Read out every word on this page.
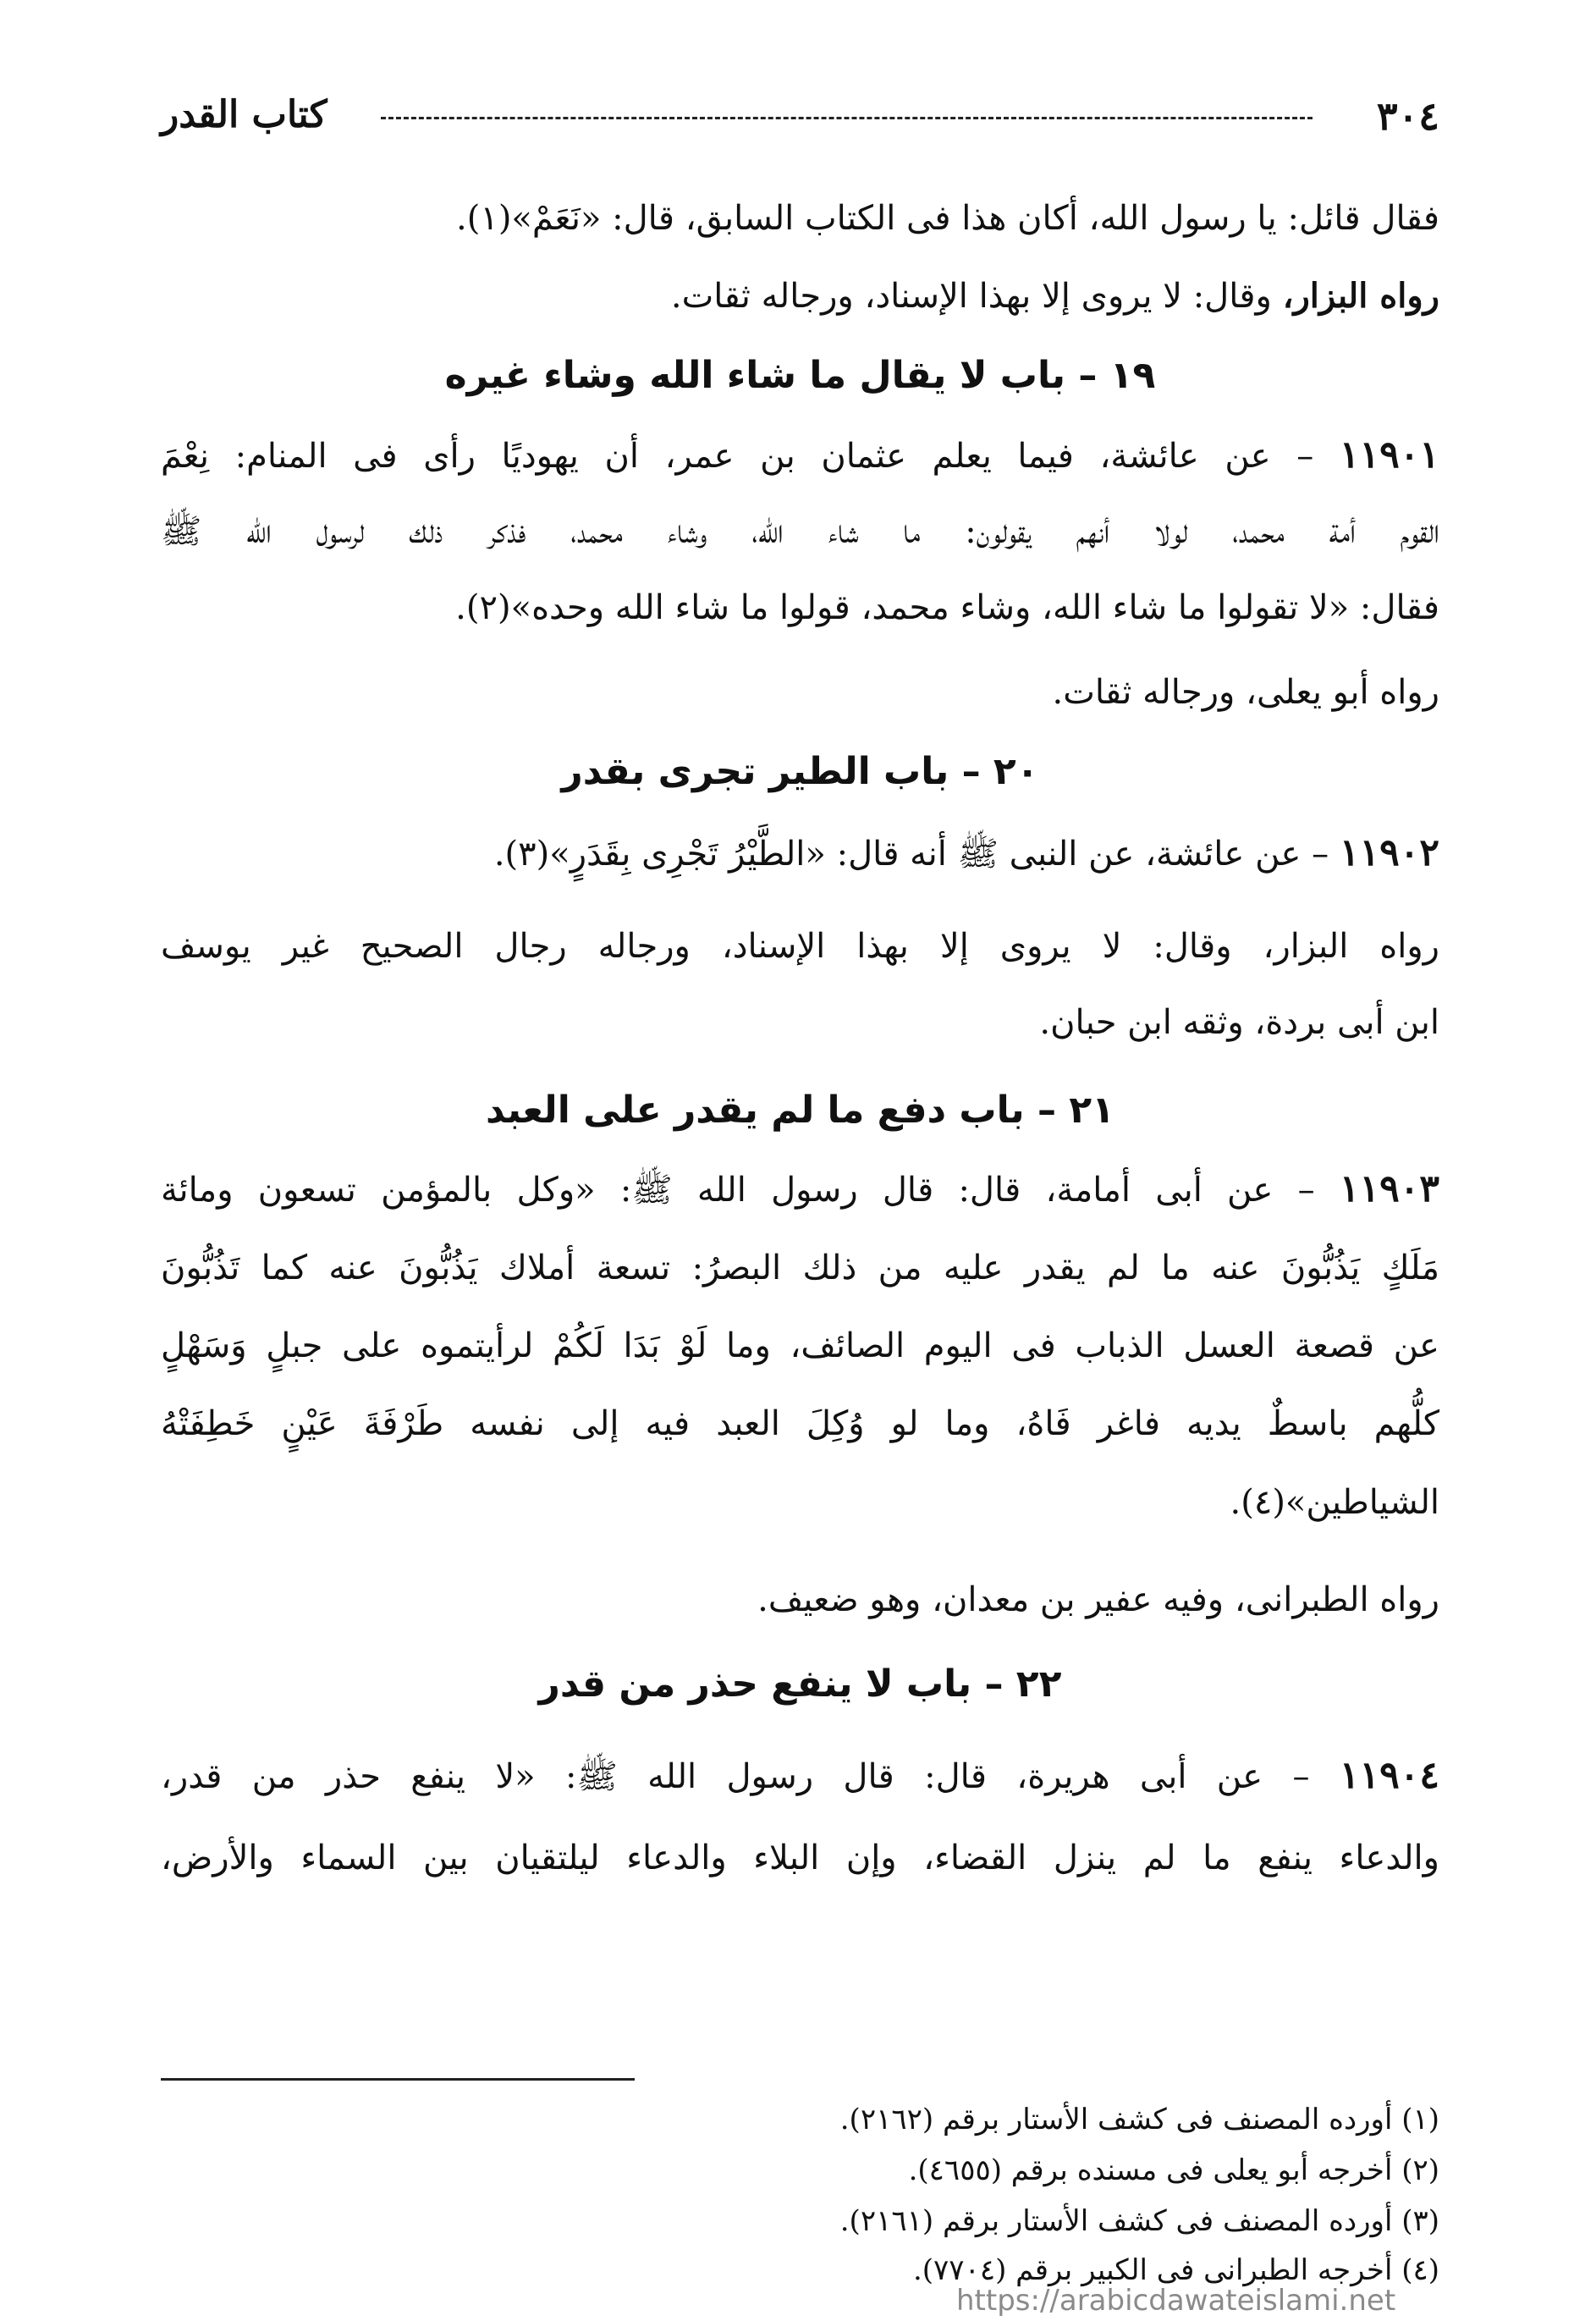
٣٠٤
كتاب القدر
فقال قائل: يا رسول الله، أكان هذا فى الكتاب السابق، قال: «نَعَمْ»(١).
رواه البزار، وقال: لا يروى إلا بهذا الإسناد، ورجاله ثقات.
١٩ – باب لا يقال ما شاء الله وشاء غيره
١١٩٠١ – عن عائشة، فيما يعلم عثمان بن عمر، أن يهوديًا رأى فى المنام: نِعْمَ
القوم أمة محمد، لولا أنهم يقولون: ما شاء الله، وشاء محمد، فذكر ذلك لرسول الله ﷺ
فقال: «لا تقولوا ما شاء الله، وشاء محمد، قولوا ما شاء الله وحده»(٢).
رواه أبو يعلى، ورجاله ثقات.
٢٠ – باب الطير تجرى بقدر
١١٩٠٢ – عن عائشة، عن النبى ﷺ أنه قال: «الطَّيْرُ تَجْرِى بِقَدَرٍ»(٣).
رواه البزار، وقال: لا يروى إلا بهذا الإسناد، ورجاله رجال الصحيح غير يوسف
ابن أبى بردة، وثقه ابن حبان.
٢١ – باب دفع ما لم يقدر على العبد
١١٩٠٣ – عن أبى أمامة، قال: قال رسول الله ﷺ: «وكل بالمؤمن تسعون ومائة
مَلَكٍ يَذُبُّونَ عنه ما لم يقدر عليه من ذلك البصرُ: تسعة أملاك يَذُبُّونَ عنه كما تَذُبُّونَ
عن قصعة العسل الذباب فى اليوم الصائف، وما لَوْ بَدَا لَكُمْ لرأيتموه على جبلٍ وَسَهْلٍ
كلُّهم باسطٌ يديه فاغر فَاهُ، وما لو وُكِلَ العبد فيه إلى نفسه طَرْفَةَ عَيْنٍ خَطِفَتْهُ
الشياطين»(٤).
رواه الطبرانى، وفيه عفير بن معدان، وهو ضعيف.
٢٢ – باب لا ينفع حذر من قدر
١١٩٠٤ – عن أبى هريرة، قال: قال رسول الله ﷺ: «لا ينفع حذر من قدر،
والدعاء ينفع ما لم ينزل القضاء، وإن البلاء والدعاء ليلتقيان بين السماء والأرض،
(١) أورده المصنف فى كشف الأستار برقم (٢١٦٢).
(٢) أخرجه أبو يعلى فى مسنده برقم (٤٦٥٥).
(٣) أورده المصنف فى كشف الأستار برقم (٢١٦١).
(٤) أخرجه الطبرانى فى الكبير برقم (٧٧٠٤).
https://arabicdawateislami.net
